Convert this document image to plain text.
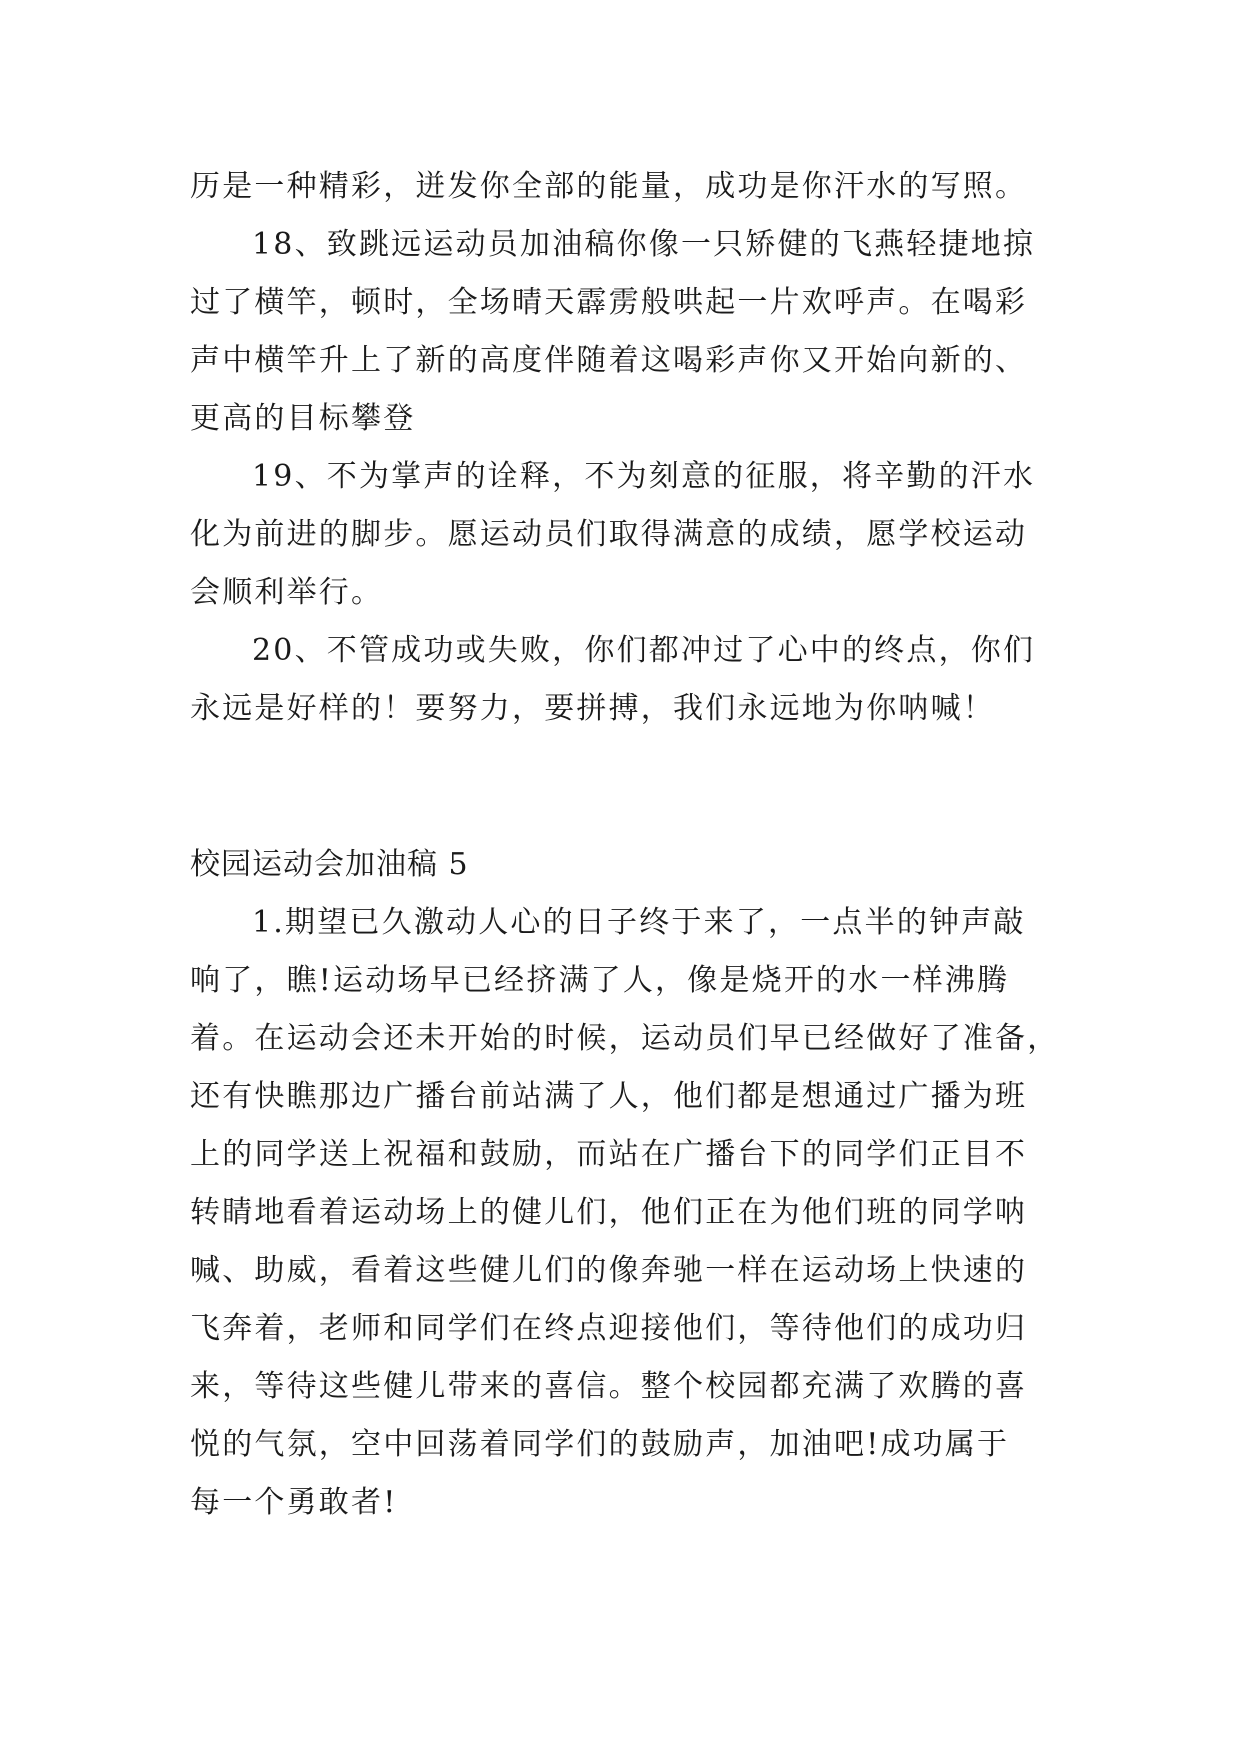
历是一种精彩，迸发你全部的能量，成功是你汗水的写照。
18、致跳远运动员加油稿你像一只矫健的飞燕轻捷地掠
过了横竿，顿时，全场晴天霹雳般哄起一片欢呼声。在喝彩
声中横竿升上了新的高度伴随着这喝彩声你又开始向新的、
更高的目标攀登
19、不为掌声的诠释，不为刻意的征服，将辛勤的汗水
化为前进的脚步。愿运动员们取得满意的成绩，愿学校运动
会顺利举行。
20、不管成功或失败，你们都冲过了心中的终点，你们
永远是好样的！要努力，要拼搏，我们永远地为你呐喊！
校园运动会加油稿 5
1.期望已久激动人心的日子终于来了，一点半的钟声敲
响了，瞧!运动场早已经挤满了人，像是烧开的水一样沸腾
着。在运动会还未开始的时候，运动员们早已经做好了准备，
还有快瞧那边广播台前站满了人，他们都是想通过广播为班
上的同学送上祝福和鼓励，而站在广播台下的同学们正目不
转睛地看着运动场上的健儿们，他们正在为他们班的同学呐
喊、助威，看着这些健儿们的像奔驰一样在运动场上快速的
飞奔着，老师和同学们在终点迎接他们，等待他们的成功归
来，等待这些健儿带来的喜信。整个校园都充满了欢腾的喜
悦的气氛，空中回荡着同学们的鼓励声，加油吧!成功属于
每一个勇敢者!
